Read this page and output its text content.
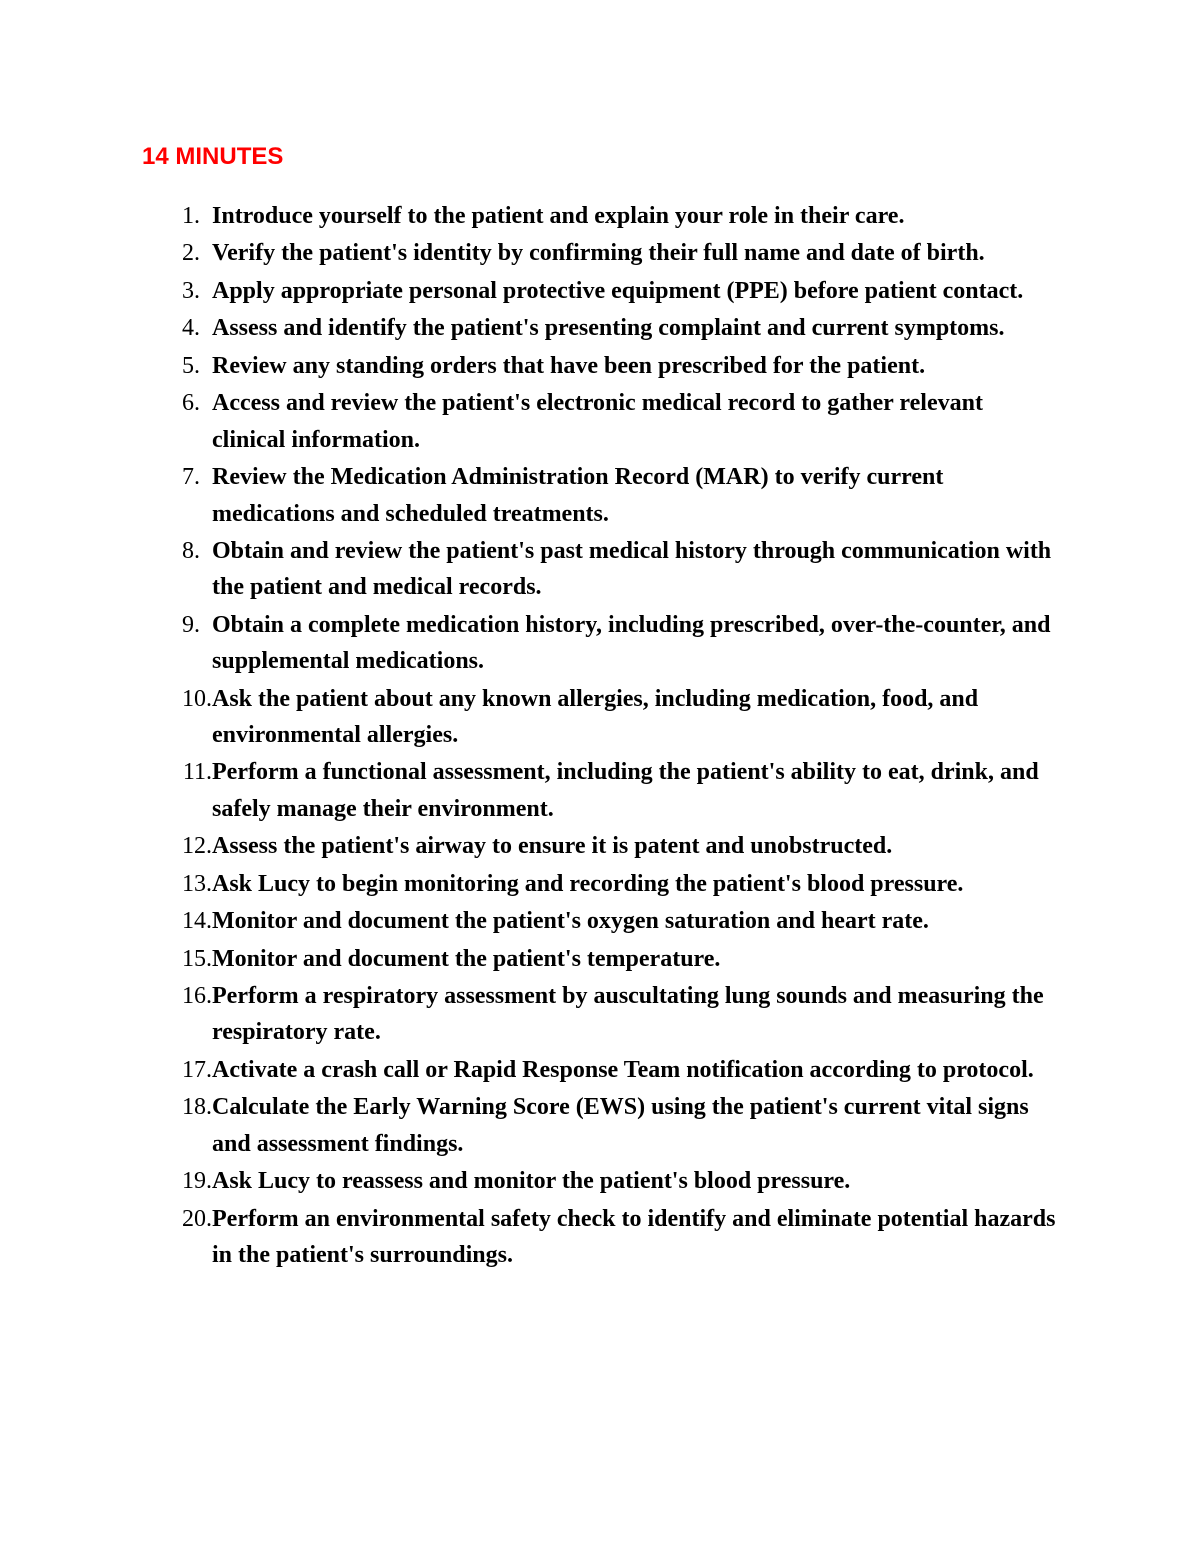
14 MINUTES
1. Introduce yourself to the patient and explain your role in their care.
2. Verify the patient's identity by confirming their full name and date of birth.
3. Apply appropriate personal protective equipment (PPE) before patient contact.
4. Assess and identify the patient's presenting complaint and current symptoms.
5. Review any standing orders that have been prescribed for the patient.
6. Access and review the patient's electronic medical record to gather relevant clinical information.
7. Review the Medication Administration Record (MAR) to verify current medications and scheduled treatments.
8. Obtain and review the patient's past medical history through communication with the patient and medical records.
9. Obtain a complete medication history, including prescribed, over-the-counter, and supplemental medications.
10. Ask the patient about any known allergies, including medication, food, and environmental allergies.
11. Perform a functional assessment, including the patient's ability to eat, drink, and safely manage their environment.
12. Assess the patient's airway to ensure it is patent and unobstructed.
13. Ask Lucy to begin monitoring and recording the patient's blood pressure.
14. Monitor and document the patient's oxygen saturation and heart rate.
15. Monitor and document the patient's temperature.
16. Perform a respiratory assessment by auscultating lung sounds and measuring the respiratory rate.
17. Activate a crash call or Rapid Response Team notification according to protocol.
18. Calculate the Early Warning Score (EWS) using the patient's current vital signs and assessment findings.
19. Ask Lucy to reassess and monitor the patient's blood pressure.
20. Perform an environmental safety check to identify and eliminate potential hazards in the patient's surroundings.
